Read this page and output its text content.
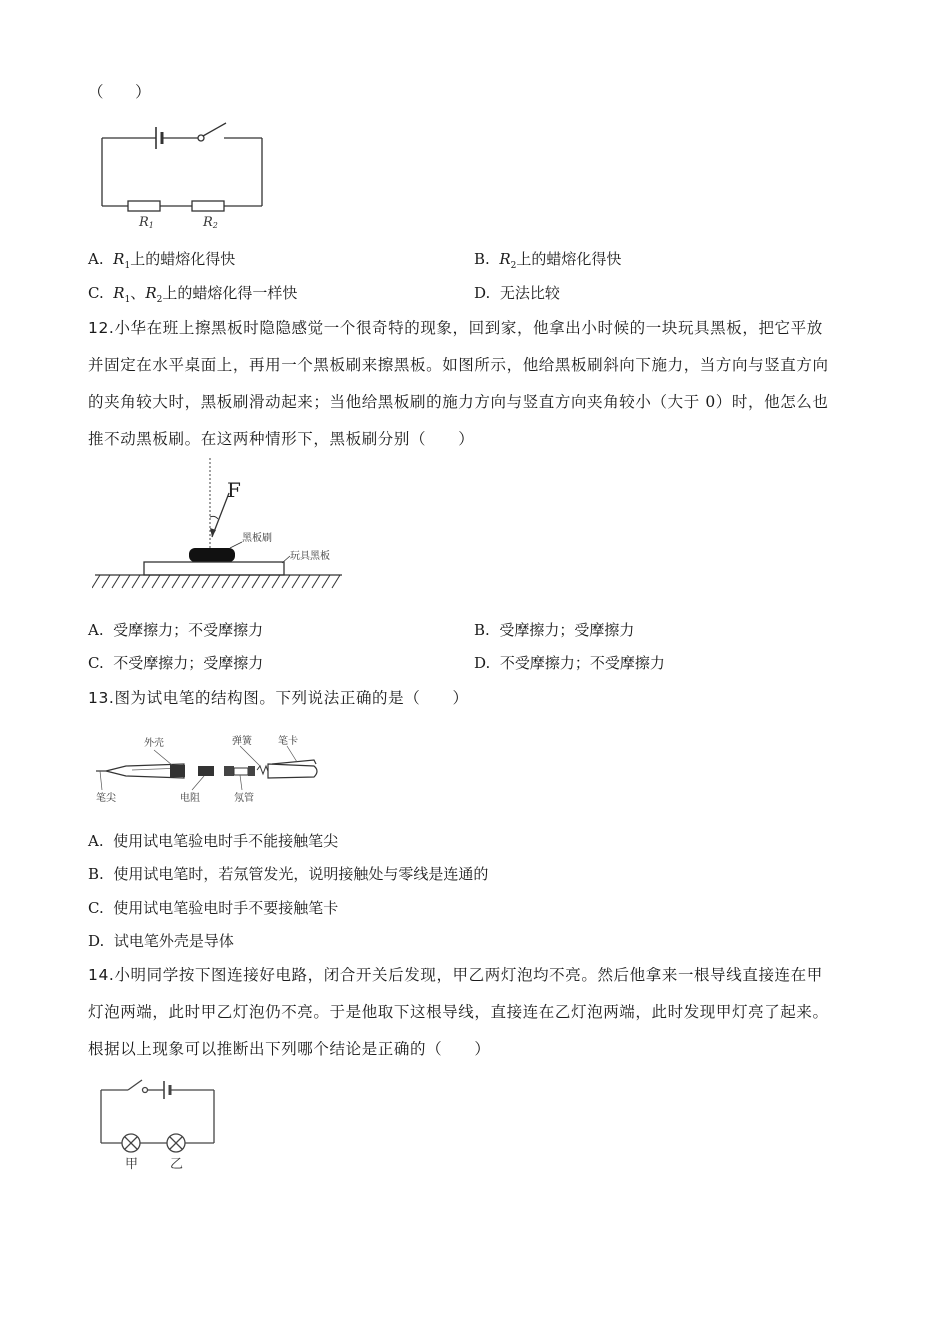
（　　）
R1	R2
A. $R_1$上的蜡熔化得快	B. $R_2$上的蜡熔化得快
C. $R_1$、$R_2$上的蜡熔化得一样快	D. 无法比较
12.小华在班上擦黑板时隐隐感觉一个很奇特的现象，回到家，他拿出小时候的一块玩具黑板，把它平放
并固定在水平桌面上，再用一个黑板刷来擦黑板。如图所示，他给黑板刷斜向下施力，当方向与竖直方向
的夹角较大时，黑板刷滑动起来；当他给黑板刷的施力方向与竖直方向夹角较小（大于 0）时，他怎么也
推不动黑板刷。在这两种情形下，黑板刷分别（　　）
F
黑板刷
玩具黑板
A. 受摩擦力；不受摩擦力	B. 受摩擦力；受摩擦力
C. 不受摩擦力；受摩擦力	D. 不受摩擦力；不受摩擦力
13.图为试电笔的结构图。下列说法正确的是（　　）
外壳	弹簧	笔卡
笔尖	电阻	氖管
A. 使用试电笔验电时手不能接触笔尖
B. 使用试电笔时，若氖管发光，说明接触处与零线是连通的
C. 使用试电笔验电时手不要接触笔卡
D. 试电笔外壳是导体
14.小明同学按下图连接好电路，闭合开关后发现，甲乙两灯泡均不亮。然后他拿来一根导线直接连在甲
灯泡两端，此时甲乙灯泡仍不亮。于是他取下这根导线，直接连在乙灯泡两端，此时发现甲灯亮了起来。
根据以上现象可以推断出下列哪个结论是正确的（　　）
甲 乙
